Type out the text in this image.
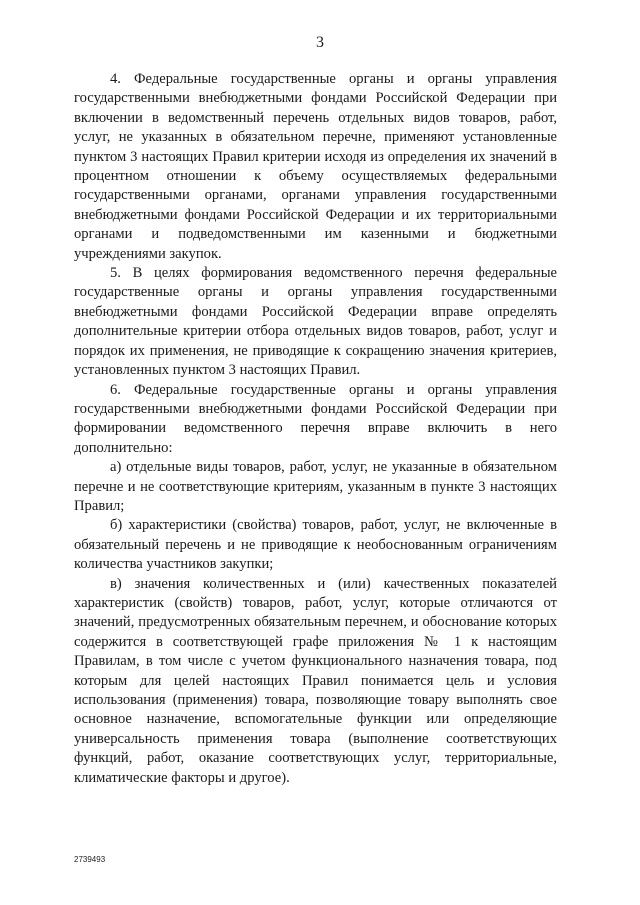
3

4. Федеральные государственные органы и органы управления государственными внебюджетными фондами Российской Федерации при включении в ведомственный перечень отдельных видов товаров, работ, услуг, не указанных в обязательном перечне, применяют установленные пунктом 3 настоящих Правил критерии исходя из определения их значений в процентном отношении к объему осуществляемых федеральными государственными органами, органами управления государственными внебюджетными фондами Российской Федерации и их территориальными органами и подведомственными им казенными и бюджетными учреждениями закупок.

5. В целях формирования ведомственного перечня федеральные государственные органы и органы управления государственными внебюджетными фондами Российской Федерации вправе определять дополнительные критерии отбора отдельных видов товаров, работ, услуг и порядок их применения, не приводящие к сокращению значения критериев, установленных пунктом 3 настоящих Правил.

6. Федеральные государственные органы и органы управления государственными внебюджетными фондами Российской Федерации при формировании ведомственного перечня вправе включить в него дополнительно:

а) отдельные виды товаров, работ, услуг, не указанные в обязательном перечне и не соответствующие критериям, указанным в пункте 3 настоящих Правил;

б) характеристики (свойства) товаров, работ, услуг, не включенные в обязательный перечень и не приводящие к необоснованным ограничениям количества участников закупки;

в) значения количественных и (или) качественных показателей характеристик (свойств) товаров, работ, услуг, которые отличаются от значений, предусмотренных обязательным перечнем, и обоснование которых содержится в соответствующей графе приложения № 1 к настоящим Правилам, в том числе с учетом функционального назначения товара, под которым для целей настоящих Правил понимается цель и условия использования (применения) товара, позволяющие товару выполнять свое основное назначение, вспомогательные функции или определяющие универсальность применения товара (выполнение соответствующих функций, работ, оказание соответствующих услуг, территориальные, климатические факторы и другое).

2739493
